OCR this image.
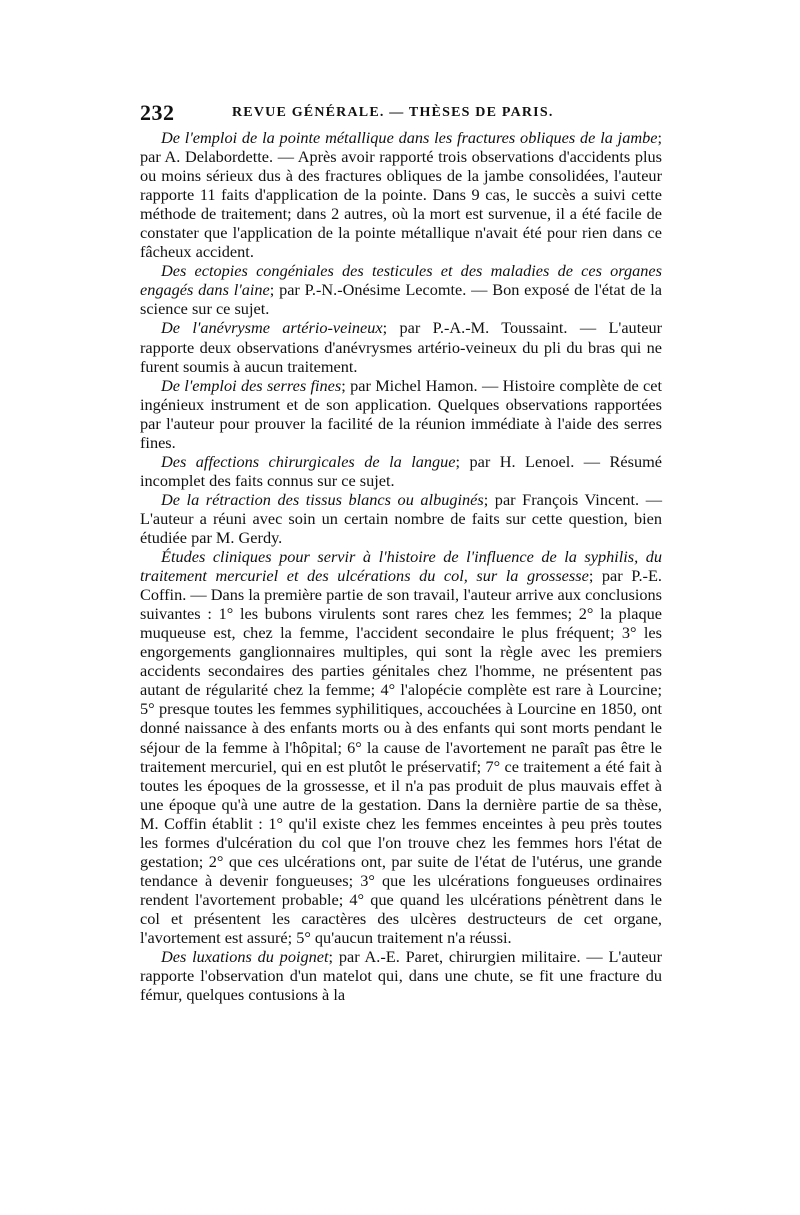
232	REVUE GÉNÉRALE. — THÈSES DE PARIS.

De l'emploi de la pointe métallique dans les fractures obliques de la jambe; par A. Delabordette. — Après avoir rapporté trois observations d'accidents plus ou moins sérieux dus à des fractures obliques de la jambe consolidées, l'auteur rapporte 11 faits d'application de la pointe. Dans 9 cas, le succès a suivi cette méthode de traitement; dans 2 autres, où la mort est survenue, il a été facile de constater que l'application de la pointe métallique n'avait été pour rien dans ce fâcheux accident.

Des ectopies congéniales des testicules et des maladies de ces organes engagés dans l'aine; par P.-N.-Onésime Lecomte. — Bon exposé de l'état de la science sur ce sujet.

De l'anévrysme artério-veineux; par P.-A.-M. Toussaint. — L'auteur rapporte deux observations d'anévrysmes artério-veineux du pli du bras qui ne furent soumis à aucun traitement.

De l'emploi des serres fines; par Michel Hamon. — Histoire complète de cet ingénieux instrument et de son application. Quelques observations rapportées par l'auteur pour prouver la facilité de la réunion immédiate à l'aide des serres fines.

Des affections chirurgicales de la langue; par H. Lenoel. — Résumé incomplet des faits connus sur ce sujet.

De la rétraction des tissus blancs ou albuginés; par François Vincent. — L'auteur a réuni avec soin un certain nombre de faits sur cette question, bien étudiée par M. Gerdy.

Études cliniques pour servir à l'histoire de l'influence de la syphilis, du traitement mercuriel et des ulcérations du col, sur la grossesse; par P.-E. Coffin. — Dans la première partie de son travail, l'auteur arrive aux conclusions suivantes : 1° les bubons virulents sont rares chez les femmes; 2° la plaque muqueuse est, chez la femme, l'accident secondaire le plus fréquent; 3° les engorgements ganglionnaires multiples, qui sont la règle avec les premiers accidents secondaires des parties génitales chez l'homme, ne présentent pas autant de régularité chez la femme; 4° l'alopécie complète est rare à Lourcine; 5° presque toutes les femmes syphilitiques, accouchées à Lourcine en 1850, ont donné naissance à des enfants morts ou à des enfants qui sont morts pendant le séjour de la femme à l'hôpital; 6° la cause de l'avortement ne paraît pas être le traitement mercuriel, qui en est plutôt le préservatif; 7° ce traitement a été fait à toutes les époques de la grossesse, et il n'a pas produit de plus mauvais effet à une époque qu'à une autre de la gestation. Dans la dernière partie de sa thèse, M. Coffin établit : 1° qu'il existe chez les femmes enceintes à peu près toutes les formes d'ulcération du col que l'on trouve chez les femmes hors l'état de gestation; 2° que ces ulcérations ont, par suite de l'état de l'utérus, une grande tendance à devenir fongueuses; 3° que les ulcérations fongueuses ordinaires rendent l'avortement probable; 4° que quand les ulcérations pénètrent dans le col et présentent les caractères des ulcères destructeurs de cet organe, l'avortement est assuré; 5° qu'aucun traitement n'a réussi.

Des luxations du poignet; par A.-E. Paret, chirurgien militaire. — L'auteur rapporte l'observation d'un matelot qui, dans une chute, se fit une fracture du fémur, quelques contusions à la
